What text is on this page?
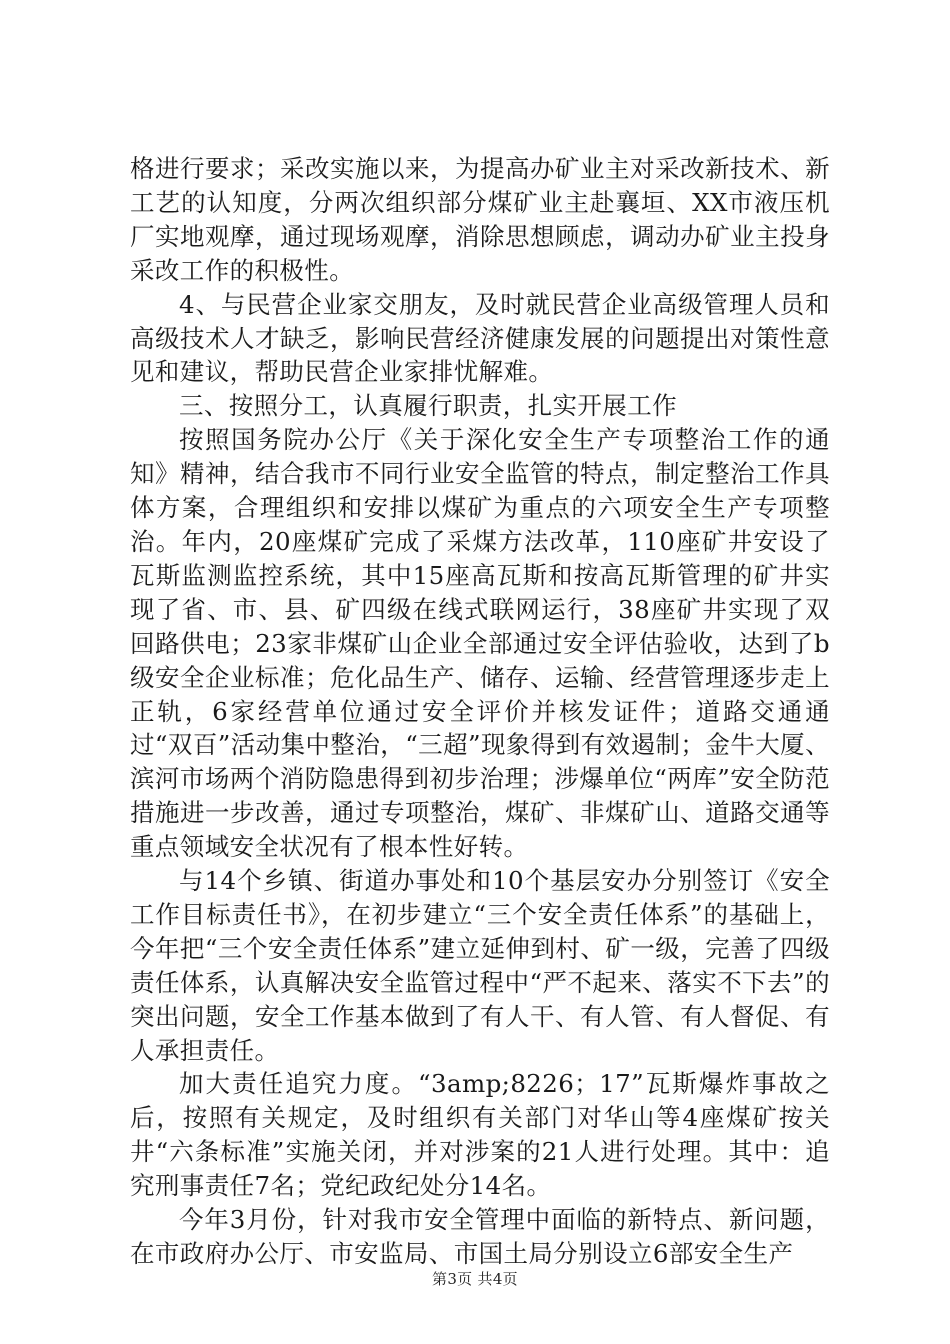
格进行要求；采改实施以来，为提高办矿业主对采改新技术、新工艺的认知度，分两次组织部分煤矿业主赴襄垣、XX市液压机厂实地观摩，通过现场观摩，消除思想顾虑，调动办矿业主投身采改工作的积极性。

4、与民营企业家交朋友，及时就民营企业高级管理人员和高级技术人才缺乏，影响民营经济健康发展的问题提出对策性意见和建议，帮助民营企业家排忧解难。

三、按照分工，认真履行职责，扎实开展工作

按照国务院办公厅《关于深化安全生产专项整治工作的通知》精神，结合我市不同行业安全监管的特点，制定整治工作具体方案，合理组织和安排以煤矿为重点的六项安全生产专项整治。年内，20座煤矿完成了采煤方法改革，110座矿井安设了瓦斯监测监控系统，其中15座高瓦斯和按高瓦斯管理的矿井实现了省、市、县、矿四级在线式联网运行，38座矿井实现了双回路供电；23家非煤矿山企业全部通过安全评估验收，达到了b级安全企业标准；危化品生产、储存、运输、经营管理逐步走上正轨，6家经营单位通过安全评价并核发证件；道路交通通过“双百”活动集中整治，“三超”现象得到有效遏制；金牛大厦、滨河市场两个消防隐患得到初步治理；涉爆单位“两库”安全防范措施进一步改善，通过专项整治，煤矿、非煤矿山、道路交通等重点领域安全状况有了根本性好转。

与14个乡镇、街道办事处和10个基层安办分别签订《安全工作目标责任书》，在初步建立“三个安全责任体系”的基础上，今年把“三个安全责任体系”建立延伸到村、矿一级，完善了四级责任体系，认真解决安全监管过程中“严不起来、落实不下去”的突出问题，安全工作基本做到了有人干、有人管、有人督促、有人承担责任。

加大责任追究力度。“3amp;8226；17”瓦斯爆炸事故之后，按照有关规定，及时组织有关部门对华山等4座煤矿按关井“六条标准”实施关闭，并对涉案的21人进行处理。其中：追究刑事责任7名；党纪政纪处分14名。

今年3月份，针对我市安全管理中面临的新特点、新问题，在市政府办公厅、市安监局、市国土局分别设立6部安全生产

第3页 共4页
